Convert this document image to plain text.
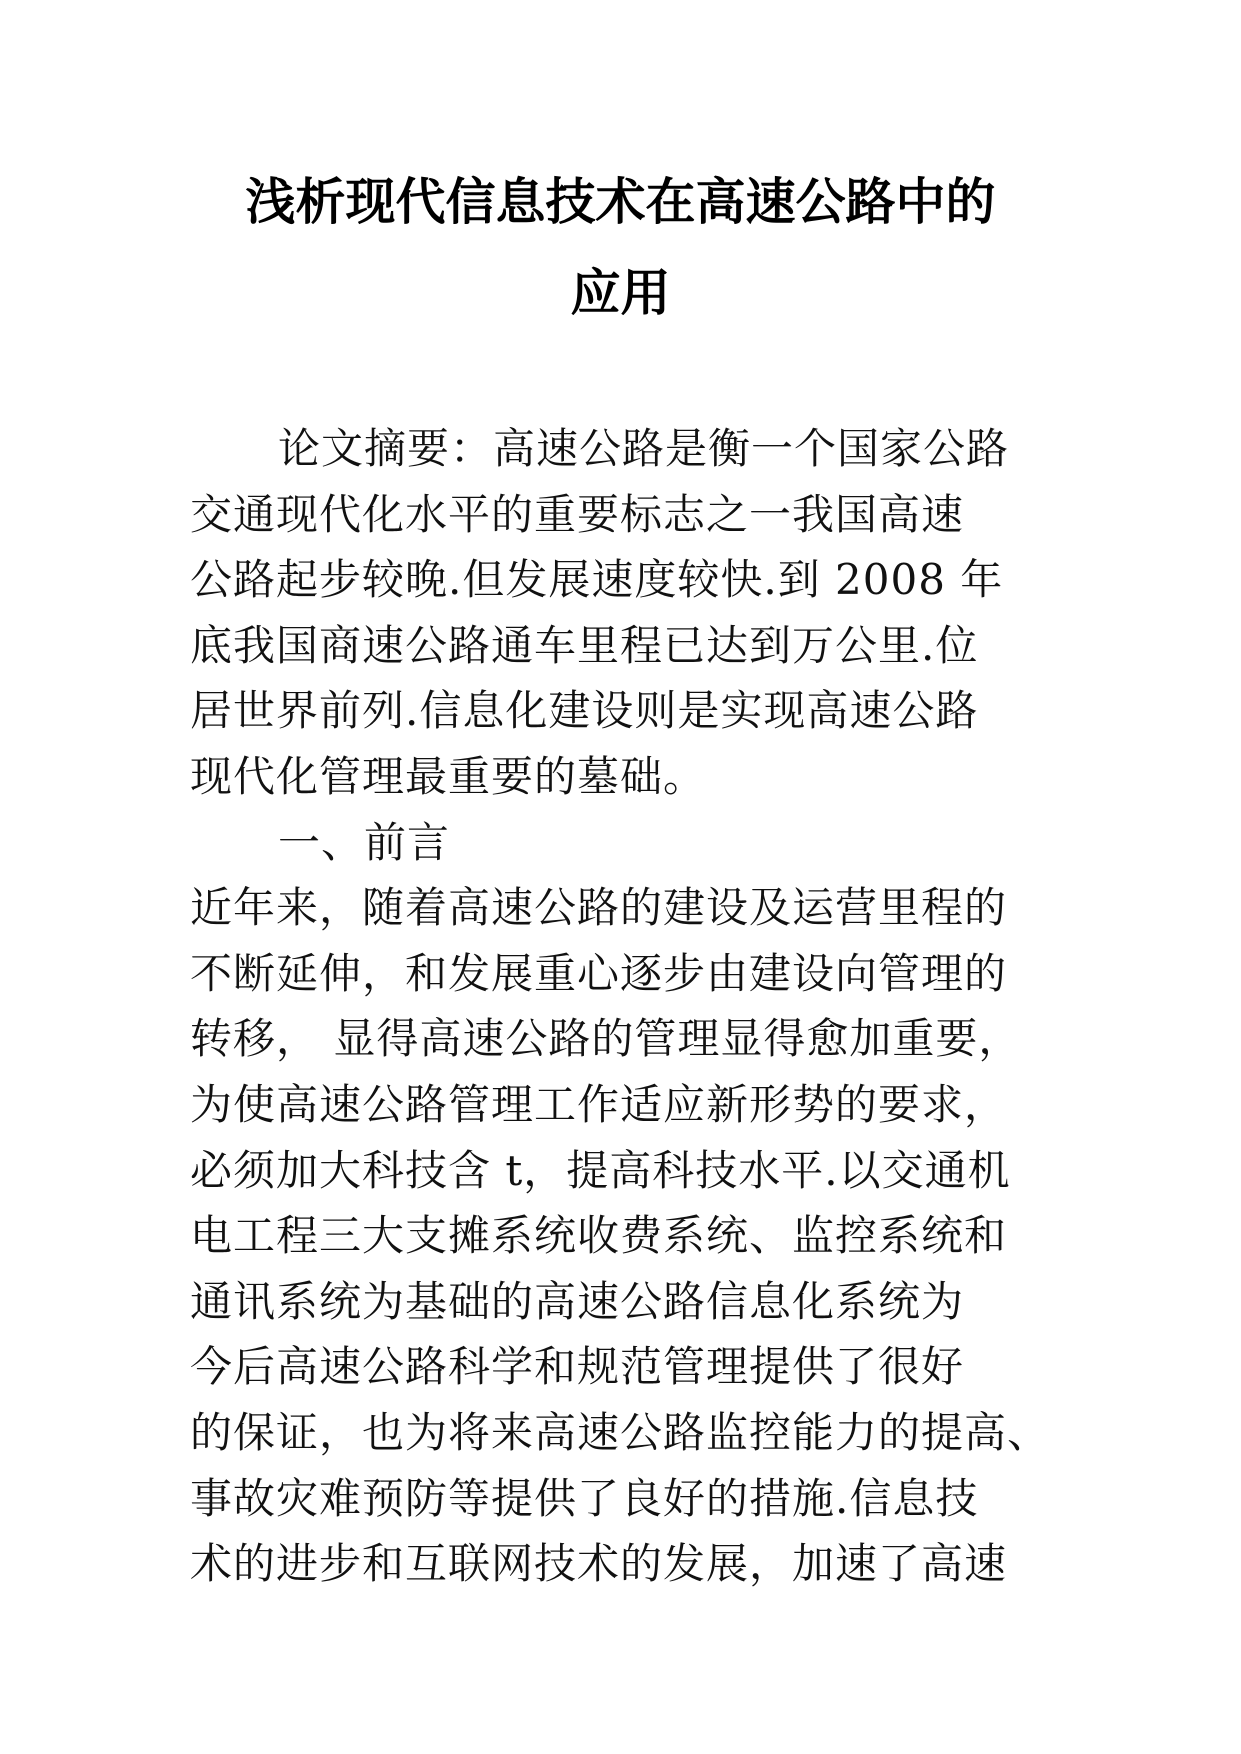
浅析现代信息技术在高速公路中的
应用
论文摘要：高速公路是衡一个国家公路
交通现代化水平的重要标志之一我国高速
公路起步较晚.但发展速度较快.到 2008 年
底我国商速公路通车里程已达到万公里.位
居世界前列.信息化建设则是实现高速公路
现代化管理最重要的墓础。
一、前言
近年来，随着高速公路的建设及运营里程的
不断延伸，和发展重心逐步由建设向管理的
转移， 显得高速公路的管理显得愈加重要，
为使高速公路管理工作适应新形势的要求，
必须加大科技含 t，提高科技水平.以交通机
电工程三大支摊系统收费系统、监控系统和
通讯系统为基础的高速公路信息化系统为
今后高速公路科学和规范管理提供了很好
的保证，也为将来高速公路监控能力的提高、
事故灾难预防等提供了良好的措施.信息技
术的进步和互联网技术的发展，加速了高速
